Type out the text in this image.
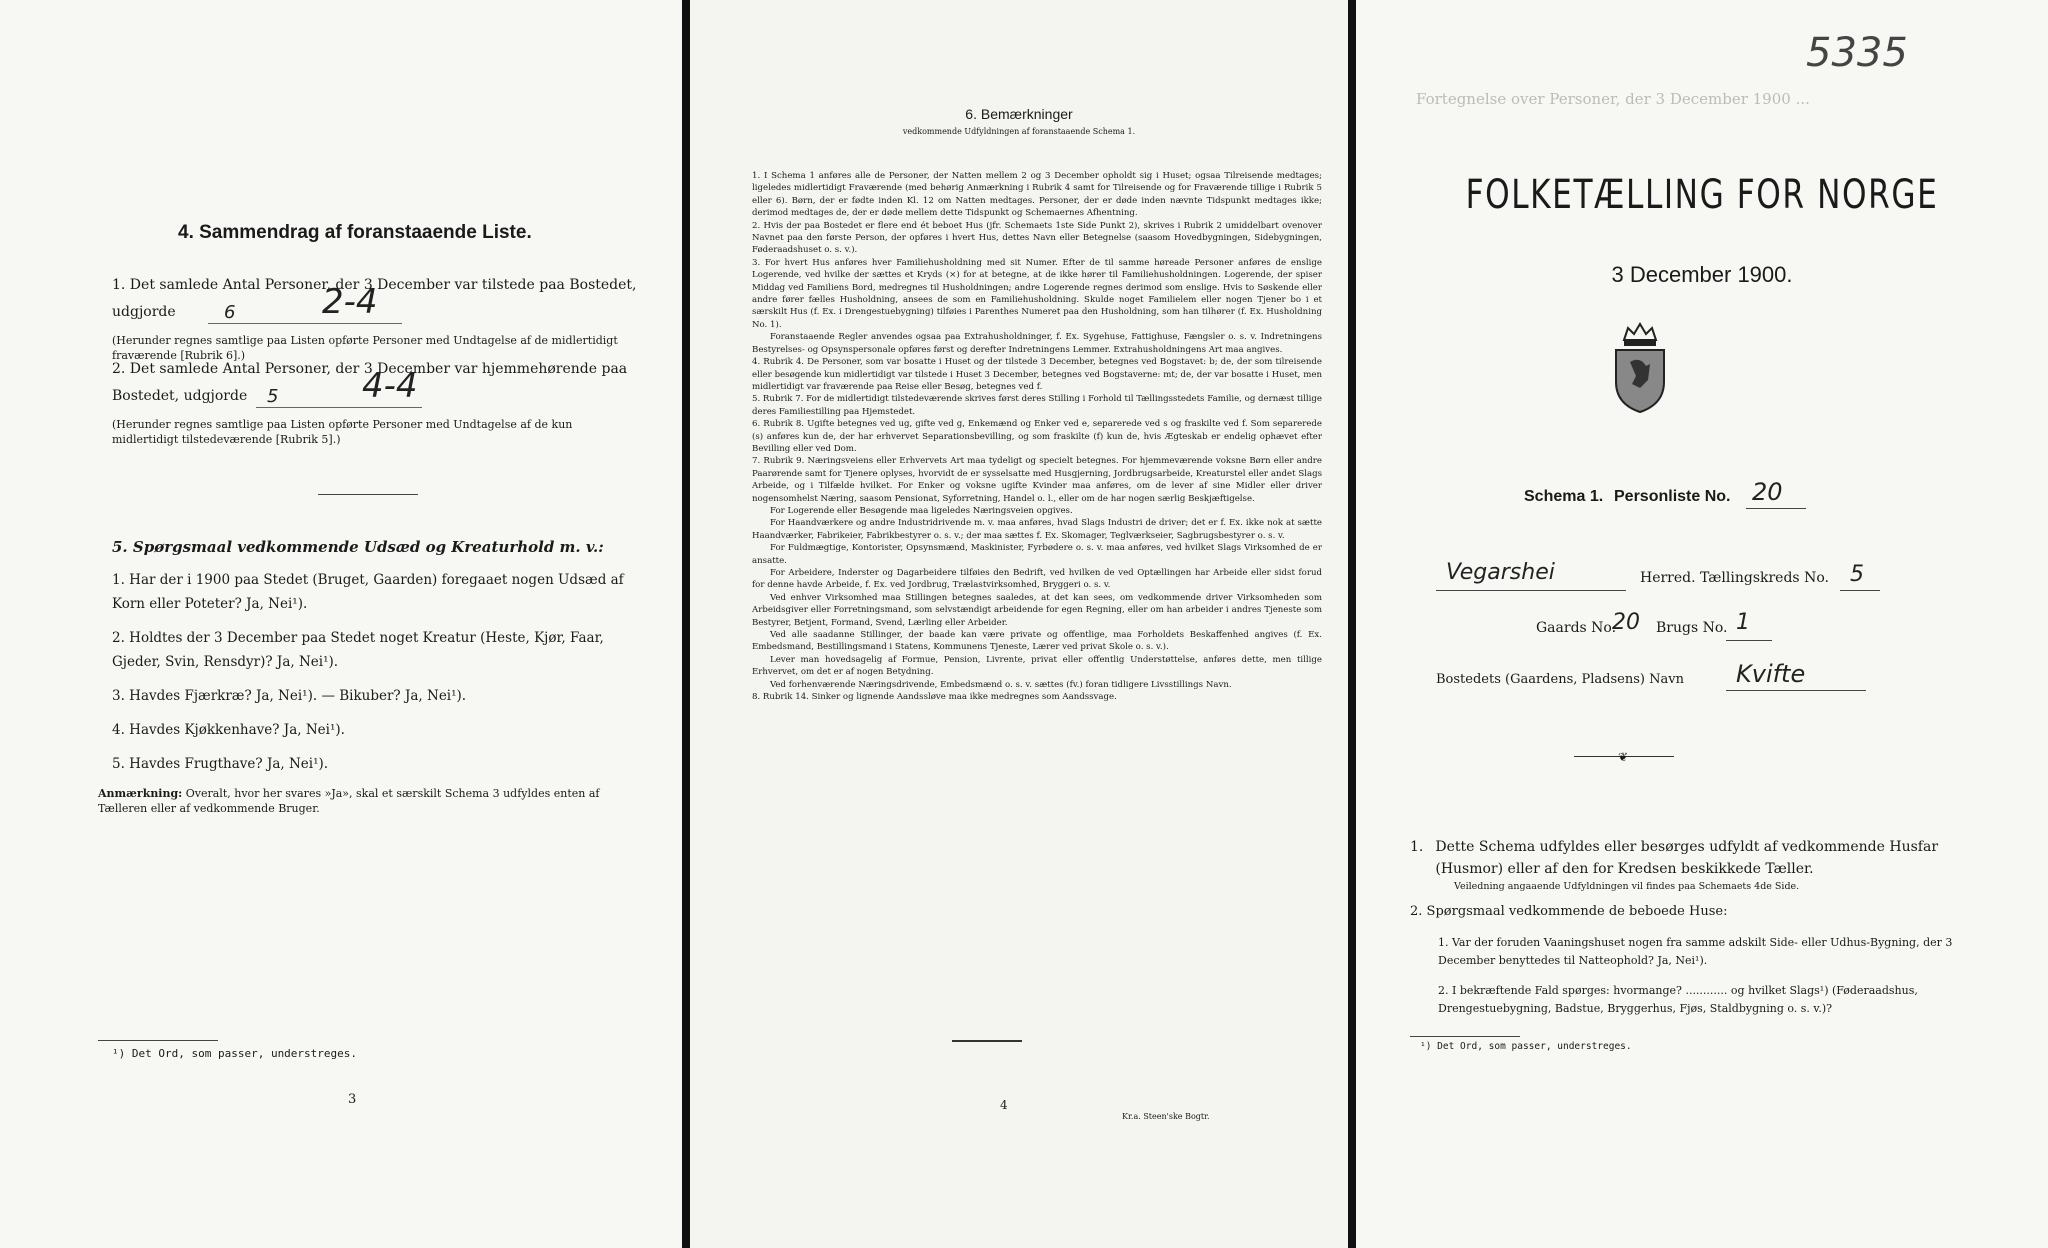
4. Sammendrag af foranstaaende Liste.
1. Det samlede Antal Personer, der 3 December var tilstede paa Bostedet,
udgjorde	6	2-4
(Herunder regnes samtlige paa Listen opførte Personer med Undtagelse af de midlertidigt fraværende [Rubrik 6].)
2. Det samlede Antal Personer, der 3 December var hjemmehørende paa
Bostedet, udgjorde 5 4-4
(Herunder regnes samtlige paa Listen opførte Personer med Undtagelse af de kun midlertidigt tilstedeværende [Rubrik 5].)
5. Spørgsmaal vedkommende Udsæd og Kreaturhold m. v.:
1. Har der i 1900 paa Stedet (Bruget, Gaarden) foregaaet nogen Udsæd af Korn eller Poteter? Ja, Nei¹).
2. Holdtes der 3 December paa Stedet noget Kreatur (Heste, Kjør, Faar, Gjeder, Svin, Rensdyr)? Ja, Nei¹).
3. Havdes Fjærkræ? Ja, Nei¹). — Bikuber? Ja, Nei¹).
4. Havdes Kjøkkenhave? Ja, Nei¹).
5. Havdes Frugthave? Ja, Nei¹).
Anmærkning: Overalt, hvor her svares »Ja», skal et særskilt Schema 3 udfyldes enten af Tælleren eller af vedkommende Bruger.
¹) Det Ord, som passer, understreges.
3
6. Bemærkninger
vedkommende Udfyldningen af foranstaaende Schema 1.
1. I Schema 1 anføres alle de Personer, der Natten mellem 2 og 3 December opholdt sig i Huset; ogsaa Tilreisende medtages; ligeledes midlertidigt Fraværende (med behørig Anmærkning i Rubrik 4 samt for Tilreisende og for Fraværende tillige i Rubrik 5 eller 6). Børn, der er fødte inden Kl. 12 om Natten medtages. Personer, der er døde inden nævnte Tidspunkt medtages ikke; derimod medtages de, der er døde mellem dette Tidspunkt og Schemaernes Afhentning.
2. Hvis der paa Bostedet er flere end ét beboet Hus (jfr. Schemaets 1ste Side Punkt 2), skrives i Rubrik 2 umiddelbart ovenover Navnet paa den første Person, der opføres i hvert Hus, dettes Navn eller Betegnelse (saasom Hovedbygningen, Sidebygningen, Føderaadshuset o. s. v.).
3. For hvert Hus anføres hver Familiehusholdning med sit Numer. Efter de til samme høreade Personer anføres de enslige Logerende, ved hvilke der sættes et Kryds (×) for at betegne, at de ikke hører til Familiehusholdningen. Logerende, der spiser Middag ved Familiens Bord, medregnes til Husholdningen; andre Logerende regnes derimod som enslige. Hvis to Søskende eller andre fører fælles Husholdning, ansees de som en Familiehusholdning. Skulde noget Familielem eller nogen Tjener bo i et særskilt Hus (f. Ex. i Drengestuebygning) tilføies i Parenthes Numeret paa den Husholdning, som han tilhører (f. Ex. Husholdning No. 1).
Foranstaaende Regler anvendes ogsaa paa Extrahusholdninger, f. Ex. Sygehuse, Fattighuse, Fængsler o. s. v. Indretningens Bestyrelses- og Opsynspersonale opføres først og derefter Indretningens Lemmer. Extrahusholdningens Art maa angives.
4. Rubrik 4. De Personer, som var bosatte i Huset og der tilstede 3 December, betegnes ved Bogstavet: b; de, der som tilreisende eller besøgende kun midlertidigt var tilstede i Huset 3 December, betegnes ved Bogstaverne: mt; de, der var bosatte i Huset, men midlertidigt var fraværende paa Reise eller Besøg, betegnes ved f.
5. Rubrik 7. For de midlertidigt tilstedeværende skrives først deres Stilling i Forhold til Tællingsstedets Familie, og dernæst tillige deres Familiestilling paa Hjemstedet.
6. Rubrik 8. Ugifte betegnes ved ug, gifte ved g, Enkemænd og Enker ved e, separerede ved s og fraskilte ved f. Som separerede (s) anføres kun de, der har erhvervet Separationsbevilling, og som fraskilte (f) kun de, hvis Ægteskab er endelig ophævet efter Bevilling eller ved Dom.
7. Rubrik 9. Næringsveiens eller Erhvervets Art maa tydeligt og specielt betegnes. For hjemmeværende voksne Børn eller andre Paarørende samt for Tjenere oplyses, hvorvidt de er sysselsatte med Husgjerning, Jordbrugsarbeide, Kreaturstel eller andet Slags Arbeide, og i Tilfælde hvilket. For Enker og voksne ugifte Kvinder maa anføres, om de lever af sine Midler eller driver nogensomhelst Næring, saasom Pensionat, Syforretning, Handel o. l., eller om de har nogen særlig Beskjæftigelse.
For Logerende eller Besøgende maa ligeledes Næringsveien opgives.
For Haandværkere og andre Industridrivende m. v. maa anføres, hvad Slags Industri de driver; det er f. Ex. ikke nok at sætte Haandværker, Fabrikeier, Fabrikbestyrer o. s. v.; der maa sættes f. Ex. Skomager, Teglværkseier, Sagbrugsbestyrer o. s. v.
For Fuldmægtige, Kontorister, Opsynsmænd, Maskinister, Fyrbødere o. s. v. maa anføres, ved hvilket Slags Virksomhed de er ansatte.
For Arbeidere, Inderster og Dagarbeidere tilføies den Bedrift, ved hvilken de ved Optællingen har Arbeide eller sidst forud for denne havde Arbeide, f. Ex. ved Jordbrug, Trælastvirksomhed, Bryggeri o. s. v.
Ved enhver Virksomhed maa Stillingen betegnes saaledes, at det kan sees, om vedkommende driver Virksomheden som Arbeidsgiver eller Forretningsmand, som selvstændigt arbeidende for egen Regning, eller om han arbeider i andres Tjeneste som Bestyrer, Betjent, Formand, Svend, Lærling eller Arbeider.
Ved alle saadanne Stillinger, der baade kan være private og offentlige, maa Forholdets Beskaffenhed angives (f. Ex. Embedsmand, Bestillingsmand i Statens, Kommunens Tjeneste, Lærer ved privat Skole o. s. v.).
Lever man hovedsagelig af Formue, Pension, Livrente, privat eller offentlig Understøttelse, anføres dette, men tillige Erhvervet, om det er af nogen Betydning.
Ved forhenværende Næringsdrivende, Embedsmænd o. s. v. sættes (fv.) foran tidligere Livsstillings Navn.
8. Rubrik 14. Sinker og lignende Aandssløve maa ikke medregnes som Aandssvage.
4
Kr.a. Steen'ske Bogtr.
5335
Fortegnelse over Personer, der 3 December 1900 ...
FOLKETÆLLING FOR NORGE
3 December 1900.
Schema 1. Personliste No. 20
Vegarshei	Herred. Tællingskreds No. 5
Gaards No.
20 Brugs No. 1
Bostedets (Gaardens, Pladsens) Navn Kvifte
❦
1. Dette Schema udfyldes eller besørges udfyldt af vedkommende Husfar (Husmor) eller af den for Kredsen beskikkede Tæller.
Veiledning angaaende Udfyldningen vil findes paa Schemaets 4de Side.
2. Spørgsmaal vedkommende de beboede Huse:
1. Var der foruden Vaaningshuset nogen fra samme adskilt Side- eller Udhus-Bygning, der 3 December benyttedes til Natteophold? Ja, Nei¹).
2. I bekræftende Fald spørges: hvormange? ............ og hvilket Slags¹) (Føderaadshus, Drengestuebygning, Badstue, Bryggerhus, Fjøs, Staldbygning o. s. v.)?
¹) Det Ord, som passer, understreges.
